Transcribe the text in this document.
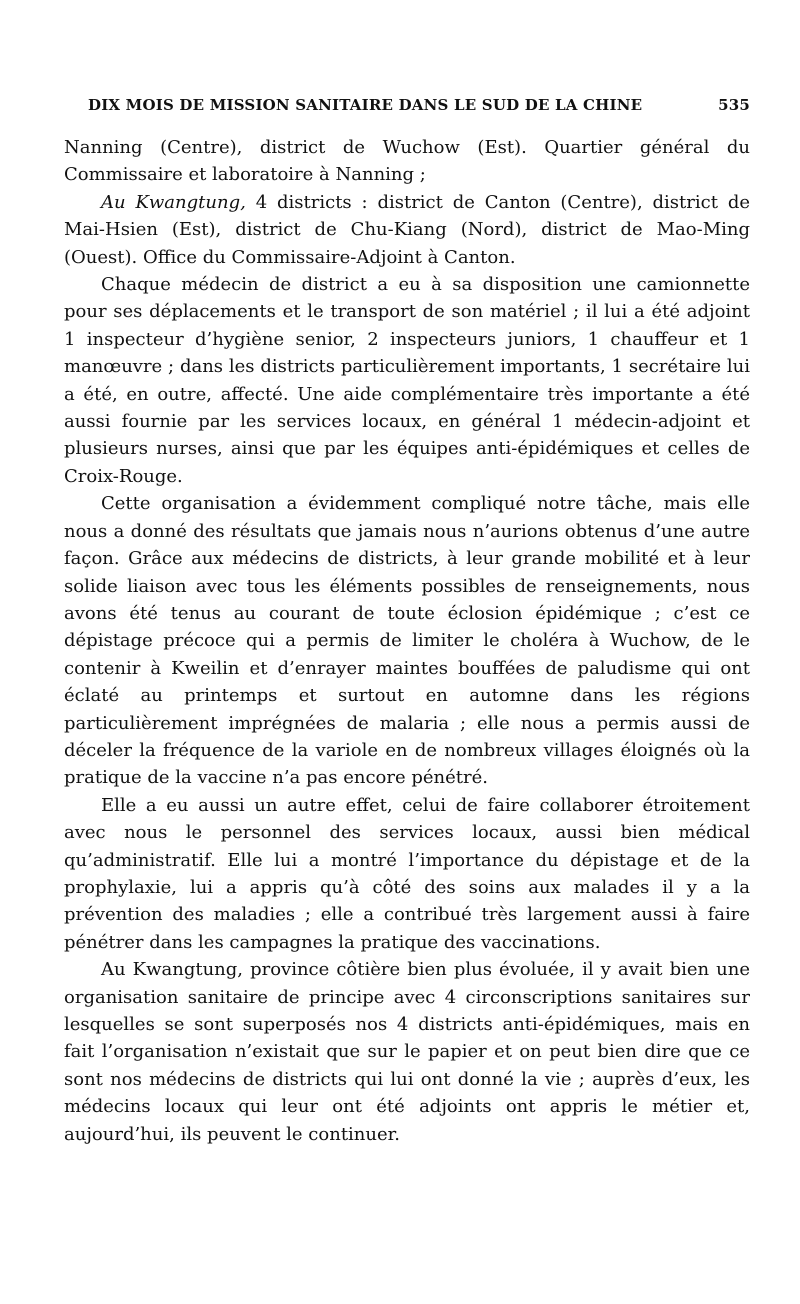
DIX MOIS DE MISSION SANITAIRE DANS LE SUD DE LA CHINE	535

Nanning (Centre), district de Wuchow (Est). Quartier général du Commissaire et laboratoire à Nanning ;

Au Kwangtung, 4 districts : district de Canton (Centre), district de Mai-Hsien (Est), district de Chu-Kiang (Nord), district de Mao-Ming (Ouest). Office du Commissaire-Adjoint à Canton.

Chaque médecin de district a eu à sa disposition une camionnette pour ses déplacements et le transport de son matériel ; il lui a été adjoint 1 inspecteur d’hygiène senior, 2 inspecteurs juniors, 1 chauffeur et 1 manœuvre ; dans les districts particulièrement importants, 1 secrétaire lui a été, en outre, affecté. Une aide complémentaire très importante a été aussi fournie par les services locaux, en général 1 médecin-adjoint et plusieurs nurses, ainsi que par les équipes anti-épidémiques et celles de Croix-Rouge.

Cette organisation a évidemment compliqué notre tâche, mais elle nous a donné des résultats que jamais nous n’aurions obtenus d’une autre façon. Grâce aux médecins de districts, à leur grande mobilité et à leur solide liaison avec tous les éléments possibles de renseignements, nous avons été tenus au courant de toute éclosion épidémique ; c’est ce dépistage précoce qui a permis de limiter le choléra à Wuchow, de le contenir à Kweilin et d’enrayer maintes bouffées de paludisme qui ont éclaté au printemps et surtout en automne dans les régions particulièrement imprégnées de malaria ; elle nous a permis aussi de déceler la fréquence de la variole en de nombreux villages éloignés où la pratique de la vaccine n’a pas encore pénétré.

Elle a eu aussi un autre effet, celui de faire collaborer étroitement avec nous le personnel des services locaux, aussi bien médical qu’administratif. Elle lui a montré l’importance du dépistage et de la prophylaxie, lui a appris qu’à côté des soins aux malades il y a la prévention des maladies ; elle a contribué très largement aussi à faire pénétrer dans les campagnes la pratique des vaccinations.

Au Kwangtung, province côtière bien plus évoluée, il y avait bien une organisation sanitaire de principe avec 4 circonscriptions sanitaires sur lesquelles se sont superposés nos 4 districts anti-épidémiques, mais en fait l’organisation n’existait que sur le papier et on peut bien dire que ce sont nos médecins de districts qui lui ont donné la vie ; auprès d’eux, les médecins locaux qui leur ont été adjoints ont appris le métier et, aujourd’hui, ils peuvent le continuer.
